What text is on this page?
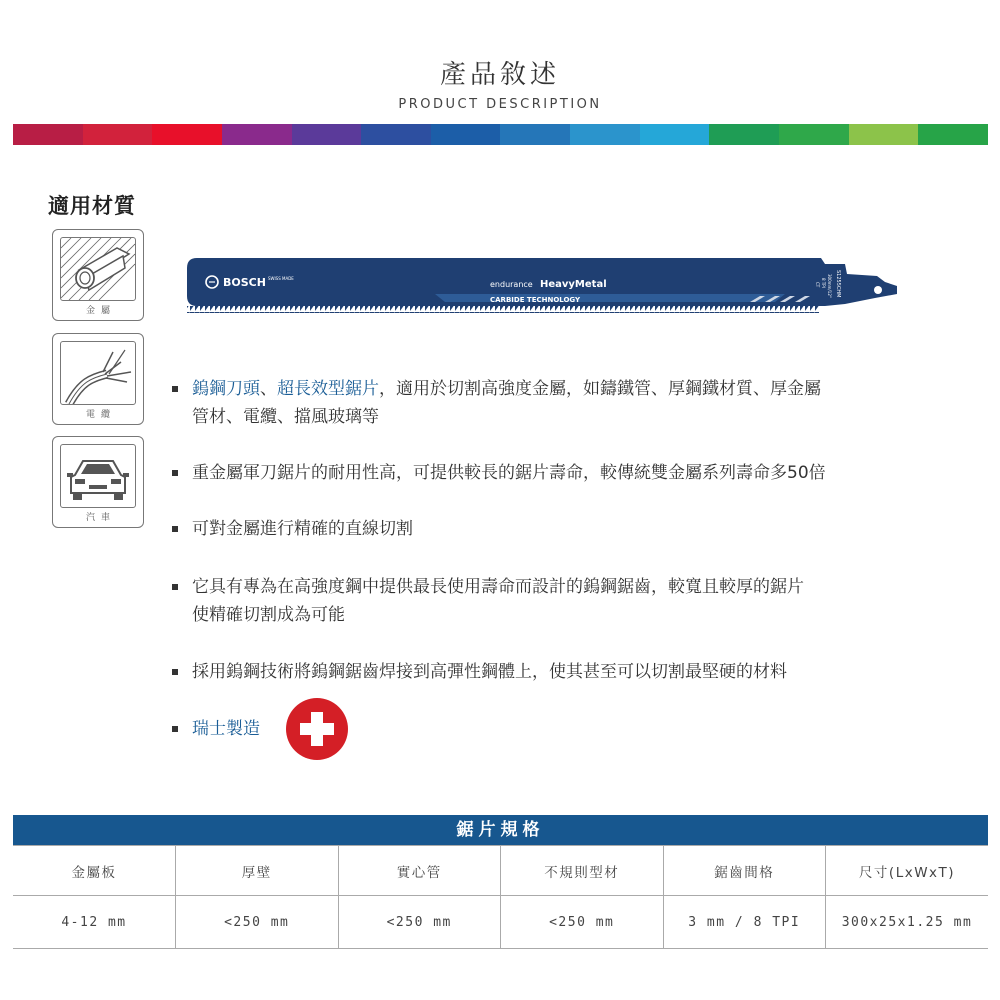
產品敘述
PRODUCT DESCRIPTION
適用材質
金屬
電纜
汽車
BOSCH SWISS MADE
endurance HeavyMetal
CARBIDE TECHNOLOGY
S1255CHM
300mm/12"
8 TPI
CT
鎢鋼刀頭、超長效型鋸片，適用於切割高強度金屬，如鑄鐵管、厚鋼鐵材質、厚金屬
管材、電纜、擋風玻璃等
重金屬軍刀鋸片的耐用性高，可提供較長的鋸片壽命，較傳統雙金屬系列壽命多50倍
可對金屬進行精確的直線切割
它具有專為在高強度鋼中提供最長使用壽命而設計的鎢鋼鋸齒，較寬且較厚的鋸片
使精確切割成為可能
採用鎢鋼技術將鎢鋼鋸齒焊接到高彈性鋼體上，使其甚至可以切割最堅硬的材料
瑞士製造
鋸片規格
金屬板	厚壁	實心管	不規則型材	鋸齒間格	尺寸(LxWxT)
4-12 mm	<250 mm	<250 mm	<250 mm	3 mm / 8 TPI	300x25x1.25 mm
